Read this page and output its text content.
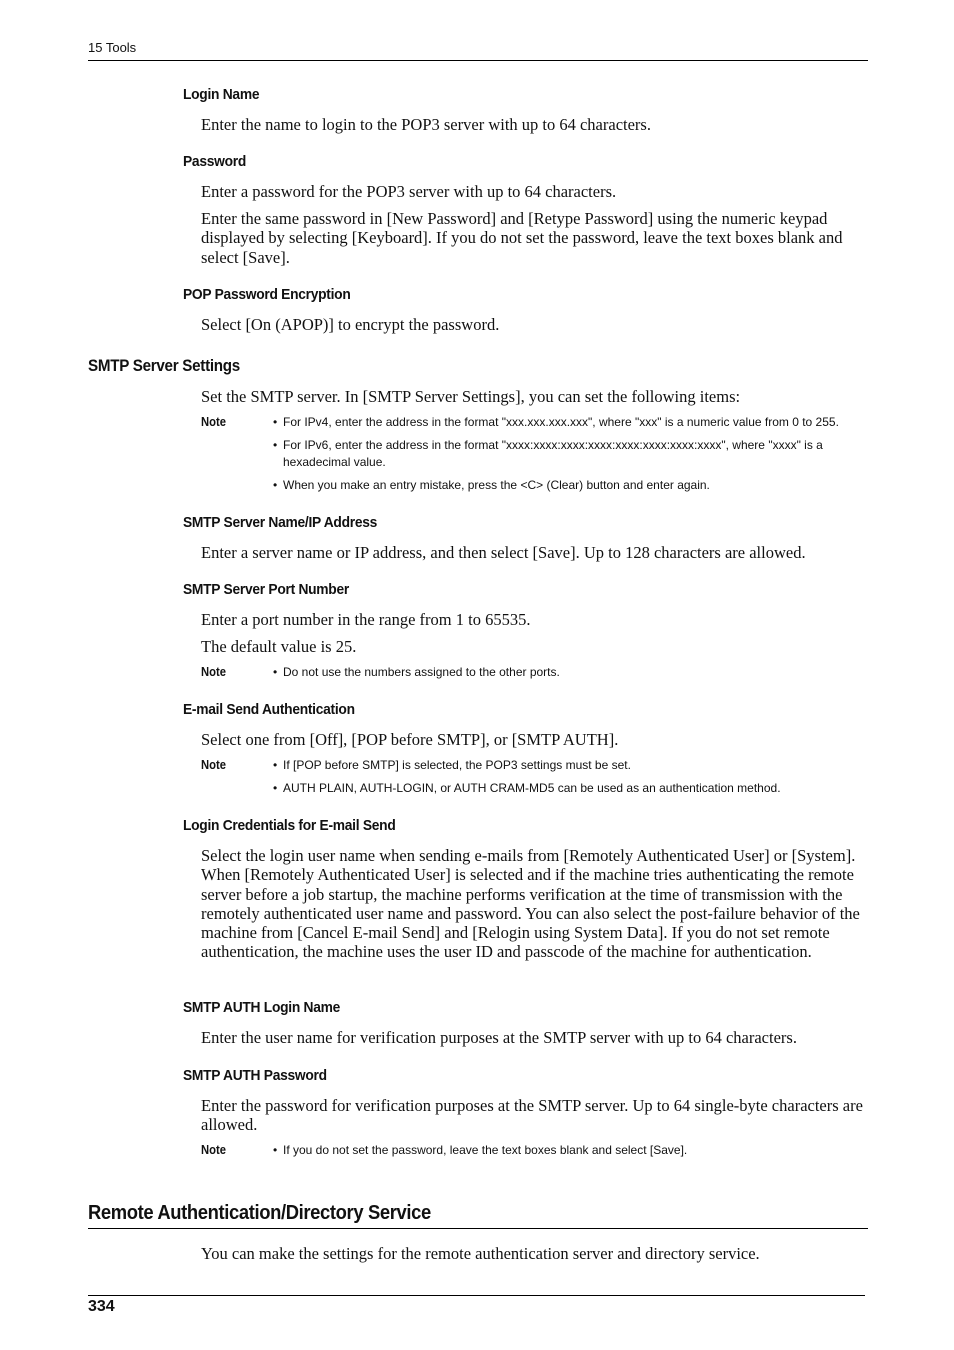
15 Tools
Login Name
Enter the name to login to the POP3 server with up to 64 characters.
Password
Enter a password for the POP3 server with up to 64 characters.
Enter the same password in [New Password] and [Retype Password] using the numeric keypad displayed by selecting [Keyboard]. If you do not set the password, leave the text boxes blank and select [Save].
POP Password Encryption
Select [On (APOP)] to encrypt the password.
SMTP Server Settings
Set the SMTP server. In [SMTP Server Settings], you can set the following items:
Note	• For IPv4, enter the address in the format "xxx.xxx.xxx.xxx", where "xxx" is a numeric value from 0 to 255.
• For IPv6, enter the address in the format "xxxx:xxxx:xxxx:xxxx:xxxx:xxxx:xxxx:xxxx", where "xxxx" is a hexadecimal value.
• When you make an entry mistake, press the <C> (Clear) button and enter again.
SMTP Server Name/IP Address
Enter a server name or IP address, and then select [Save]. Up to 128 characters are allowed.
SMTP Server Port Number
Enter a port number in the range from 1 to 65535.
The default value is 25.
Note	• Do not use the numbers assigned to the other ports.
E-mail Send Authentication
Select one from [Off], [POP before SMTP], or [SMTP AUTH].
Note	• If [POP before SMTP] is selected, the POP3 settings must be set.
• AUTH PLAIN, AUTH-LOGIN, or AUTH CRAM-MD5 can be used as an authentication method.
Login Credentials for E-mail Send
Select the login user name when sending e-mails from [Remotely Authenticated User] or [System]. When [Remotely Authenticated User] is selected and if the machine tries authenticating the remote server before a job startup, the machine performs verification at the time of transmission with the remotely authenticated user name and password. You can also select the post-failure behavior of the machine from [Cancel E-mail Send] and [Relogin using System Data]. If you do not set remote authentication, the machine uses the user ID and passcode of the machine for authentication.
SMTP AUTH Login Name
Enter the user name for verification purposes at the SMTP server with up to 64 characters.
SMTP AUTH Password
Enter the password for verification purposes at the SMTP server. Up to 64 single-byte characters are allowed.
Note	• If you do not set the password, leave the text boxes blank and select [Save].
Remote Authentication/Directory Service
You can make the settings for the remote authentication server and directory service.
334
